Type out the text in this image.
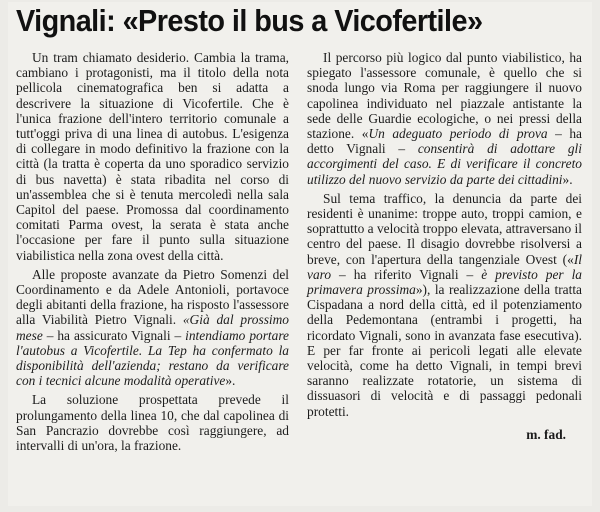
Vignali: «Presto il bus a Vicofertile»

Un tram chiamato desiderio. Cambia la trama, cambiano i protagonisti, ma il titolo della nota pellicola cinematografica ben si adatta a descrivere la situazione di Vicofertile. Che è l'unica frazione dell'intero territorio comunale a tutt'oggi priva di una linea di autobus. L'esigenza di collegare in modo definitivo la frazione con la città (la tratta è coperta da uno sporadico servizio di bus navetta) è stata ribadita nel corso di un'assemblea che si è tenuta mercoledì nella sala Capitol del paese. Promossa dal coordinamento comitati Parma ovest, la serata è stata anche l'occasione per fare il punto sulla situazione viabilistica nella zona ovest della città.

Alle proposte avanzate da Pietro Somenzi del Coordinamento e da Adele Antonioli, portavoce degli abitanti della frazione, ha risposto l'assessore alla Viabilità Pietro Vignali. «Già dal prossimo mese – ha assicurato Vignali – intendiamo portare l'autobus a Vicofertile. La Tep ha confermato la disponibilità dell'azienda; restano da verificare con i tecnici alcune modalità operative».

La soluzione prospettata prevede il prolungamento della linea 10, che dal capolinea di San Pancrazio dovrebbe così raggiungere, ad intervalli di un'ora, la frazione.

Il percorso più logico dal punto viabilistico, ha spiegato l'assessore comunale, è quello che si snoda lungo via Roma per raggiungere il nuovo capolinea individuato nel piazzale antistante la sede delle Guardie ecologiche, o nei pressi della stazione. «Un adeguato periodo di prova – ha detto Vignali – consentirà di adottare gli accorgimenti del caso. E di verificare il concreto utilizzo del nuovo servizio da parte dei cittadini».

Sul tema traffico, la denuncia da parte dei residenti è unanime: troppe auto, troppi camion, e soprattutto a velocità troppo elevata, attraversano il centro del paese. Il disagio dovrebbe risolversi a breve, con l'apertura della tangenziale Ovest («Il varo – ha riferito Vignali – è previsto per la primavera prossima»), la realizzazione della tratta Cispadana a nord della città, ed il potenziamento della Pedemontana (entrambi i progetti, ha ricordato Vignali, sono in avanzata fase esecutiva). E per far fronte ai pericoli legati alle elevate velocità, come ha detto Vignali, in tempi brevi saranno realizzate rotatorie, un sistema di dissuasori di velocità e di passaggi pedonali protetti.

m. fad.
